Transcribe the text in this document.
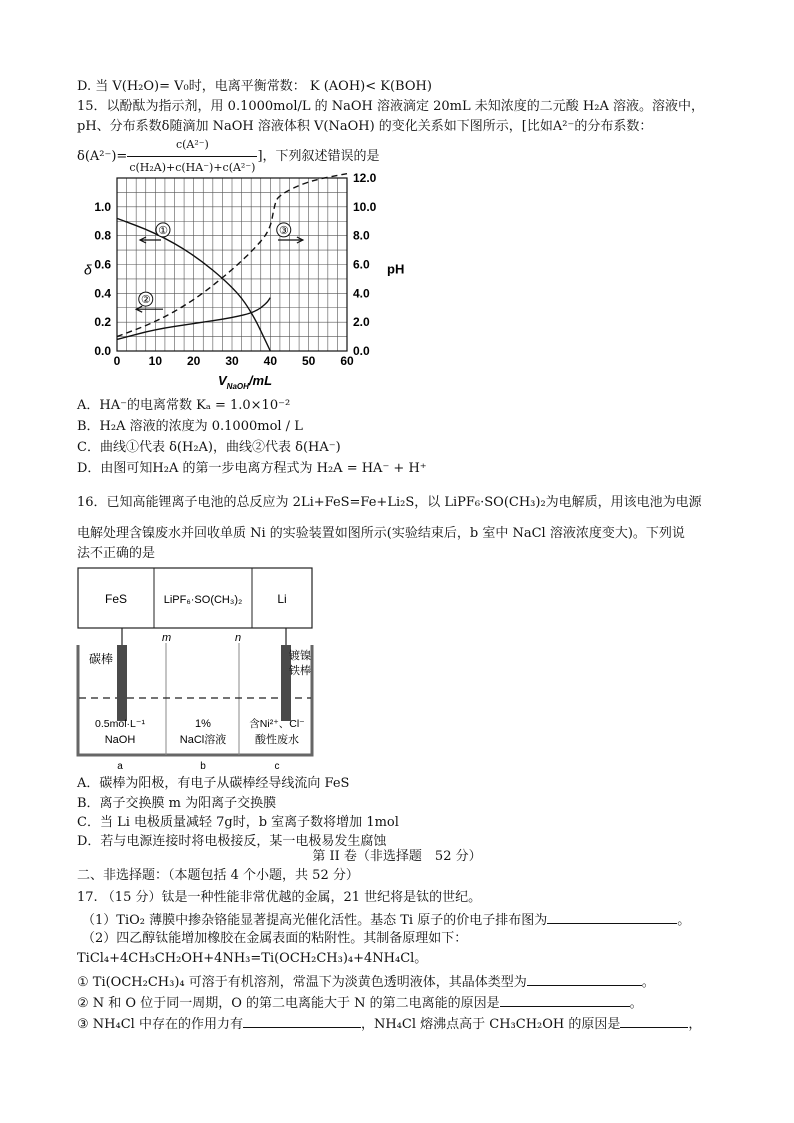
D. 当 V(H₂O)= V₀时，电离平衡常数： K (AOH)< K(BOH)
15．以酚酞为指示剂，用 0.1000mol/L 的 NaOH 溶液滴定 20mL 未知浓度的二元酸 H₂A 溶液。溶液中，
pH、分布系数δ随滴加 NaOH 溶液体积 V(NaOH) 的变化关系如下图所示，[比如A²⁻的分布系数：
$\delta(A^{2-})= \frac{\text{c(A²⁻)}}{\text{c(H₂A)+c(HA⁻)+c(A²⁻)}}$ ]，下列叙述错误的是
0 10 20 30 40 50 60
0.0
0.2
0.4
0.6
0.8
1.0
0.0
2.0
4.0
6.0
8.0
10.0
12.0
δ	pH
$V_{NaOH}/mL$
①
②
③
A．HA⁻的电离常数 Kₐ = 1.0×10⁻²
B．H₂A 溶液的浓度为 0.1000mol / L
C．曲线①代表 δ(H₂A)，曲线②代表 δ(HA⁻)
D．由图可知H₂A 的第一步电离方程式为 H₂A = HA⁻ + H⁺
16．已知高能锂离子电池的总反应为 2Li+FeS=Fe+Li₂S，以 LiPF₆·SO(CH₃)₂为电解质，用该电池为电源
电解处理含镍废水并回收单质 Ni 的实验装置如图所示(实验结束后，b 室中 NaCl 溶液浓度变大)。下列说
法不正确的是
FeS	LiPF₆·SO(CH₃)₂	Li
m	n
碳棒	镀镍
铁棒
0.5mol·L⁻¹
NaOH
1%
NaCl溶液
含Ni²⁺、Cl⁻
酸性废水
a	b	c
A．碳棒为阳极，有电子从碳棒经导线流向 FeS
B．离子交换膜 m 为阳离子交换膜
C．当 Li 电极质量减轻 7g时，b 室离子数将增加 1mol
D．若与电源连接时将电极接反，某一电极易发生腐蚀
第 II 卷（非选择题　52 分）
二、非选择题：（本题包括 4 个小题，共 52 分）
17. （15 分）钛是一种性能非常优越的金属，21 世纪将是钛的世纪。
（1）TiO₂ 薄膜中掺杂铬能显著提高光催化活性。基态 Ti 原子的价电子排布图为	。
（2）四乙醇钛能增加橡胶在金属表面的粘附性。其制备原理如下：
TiCl₄+4CH₃CH₂OH+4NH₃=Ti(OCH₂CH₃)₄+4NH₄Cl。
① Ti(OCH₂CH₃)₄ 可溶于有机溶剂，常温下为淡黄色透明液体，其晶体类型为	。
② N 和 O 位于同一周期，O 的第二电离能大于 N 的第二电离能的原因是	。
③ NH₄Cl 中存在的作用力有	，NH₄Cl 熔沸点高于 CH₃CH₂OH 的原因是	，
